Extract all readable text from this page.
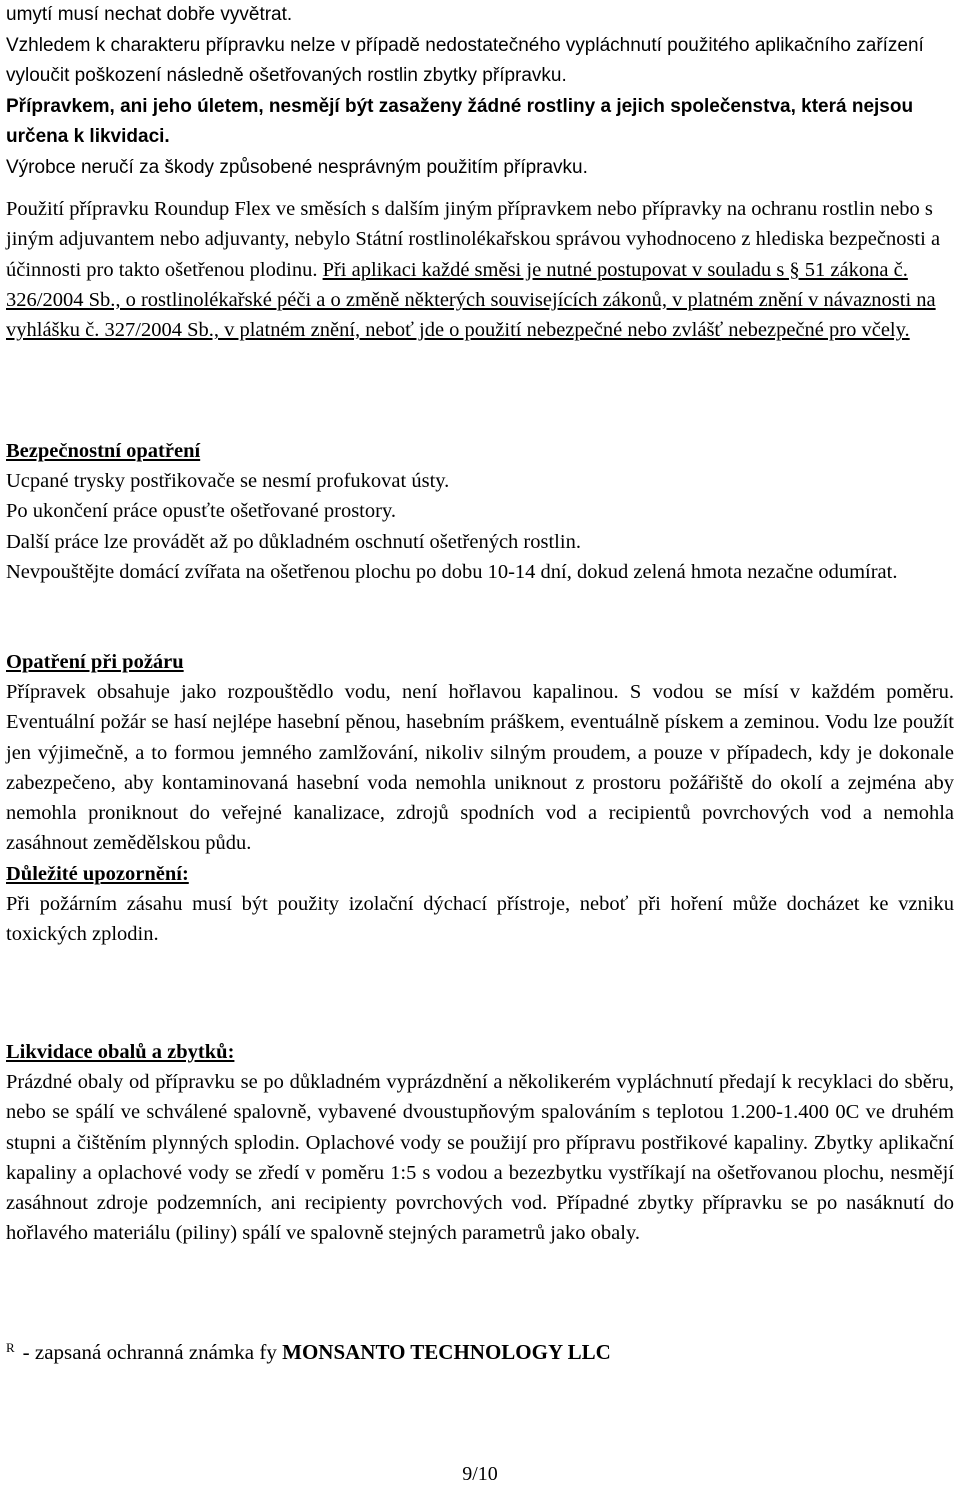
umytí musí nechat dobře vyvětrat.

Vzhledem k charakteru přípravku nelze v případě nedostatečného vypláchnutí použitého aplikačního zařízení vyloučit poškození následně ošetřovaných rostlin zbytky přípravku.

Přípravkem, ani jeho úletem, nesmějí být zasaženy žádné rostliny a jejich společenstva, která nejsou určena k likvidaci.

Výrobce neručí za škody způsobené nesprávným použitím přípravku.

Použití přípravku Roundup Flex ve směsích s dalším jiným přípravkem nebo přípravky na ochranu rostlin nebo s jiným adjuvantem nebo adjuvanty, nebylo Státní rostlinolékařskou správou vyhodnoceno z hlediska bezpečnosti a účinnosti pro takto ošetřenou plodinu. Při aplikaci každé směsi je nutné postupovat v souladu s § 51 zákona č. 326/2004 Sb., o rostlinolékařské péči a o změně některých souvisejících zákonů, v platném znění v návaznosti na vyhlášku č. 327/2004 Sb., v platném znění, neboť jde o použití nebezpečné nebo zvlášť nebezpečné pro včely.

Bezpečnostní opatření

Ucpané trysky postřikovače se nesmí profukovat ústy.

Po ukončení práce opusťte ošetřované prostory.

Další práce lze provádět až po důkladném oschnutí ošetřených rostlin.

Nevpouštějte domácí zvířata na ošetřenou plochu po dobu 10-14 dní, dokud zelená hmota nezačne odumírat.

Opatření při požáru

Přípravek obsahuje jako rozpouštědlo vodu, není hořlavou kapalinou. S vodou se mísí v každém poměru. Eventuální požár se hasí nejlépe hasební pěnou, hasebním práškem, eventuálně pískem a zeminou. Vodu lze použít jen výjimečně, a to formou jemného zamlžování, nikoliv silným proudem, a pouze v případech, kdy je dokonale zabezpečeno, aby kontaminovaná hasební voda nemohla uniknout z prostoru požářiště do okolí a zejména aby nemohla proniknout do veřejné kanalizace, zdrojů spodních vod a recipientů povrchových vod a nemohla zasáhnout zemědělskou půdu.

Důležité upozornění:

Při požárním zásahu musí být použity izolační dýchací přístroje, neboť při hoření může docházet ke vzniku toxických zplodin.

Likvidace obalů a zbytků:

Prázdné obaly od přípravku se po důkladném vyprázdnění a několikerém vypláchnutí předají k recyklaci do sběru, nebo se spálí ve schválené spalovně, vybavené dvoustupňovým spalováním s teplotou 1.200-1.400 0C ve druhém stupni a čištěním plynných splodin. Oplachové vody se použijí pro přípravu postřikové kapaliny. Zbytky aplikační kapaliny a oplachové vody se zředí v poměru 1:5 s vodou a bezezbytku vystříkají na ošetřovanou plochu, nesmějí zasáhnout zdroje podzemních, ani recipienty povrchových vod. Případné zbytky přípravku se po nasáknutí do hořlavého materiálu (piliny) spálí ve spalovně stejných parametrů jako obaly.

$^R$ - zapsaná ochranná známka fy MONSANTO TECHNOLOGY LLC
9/10
